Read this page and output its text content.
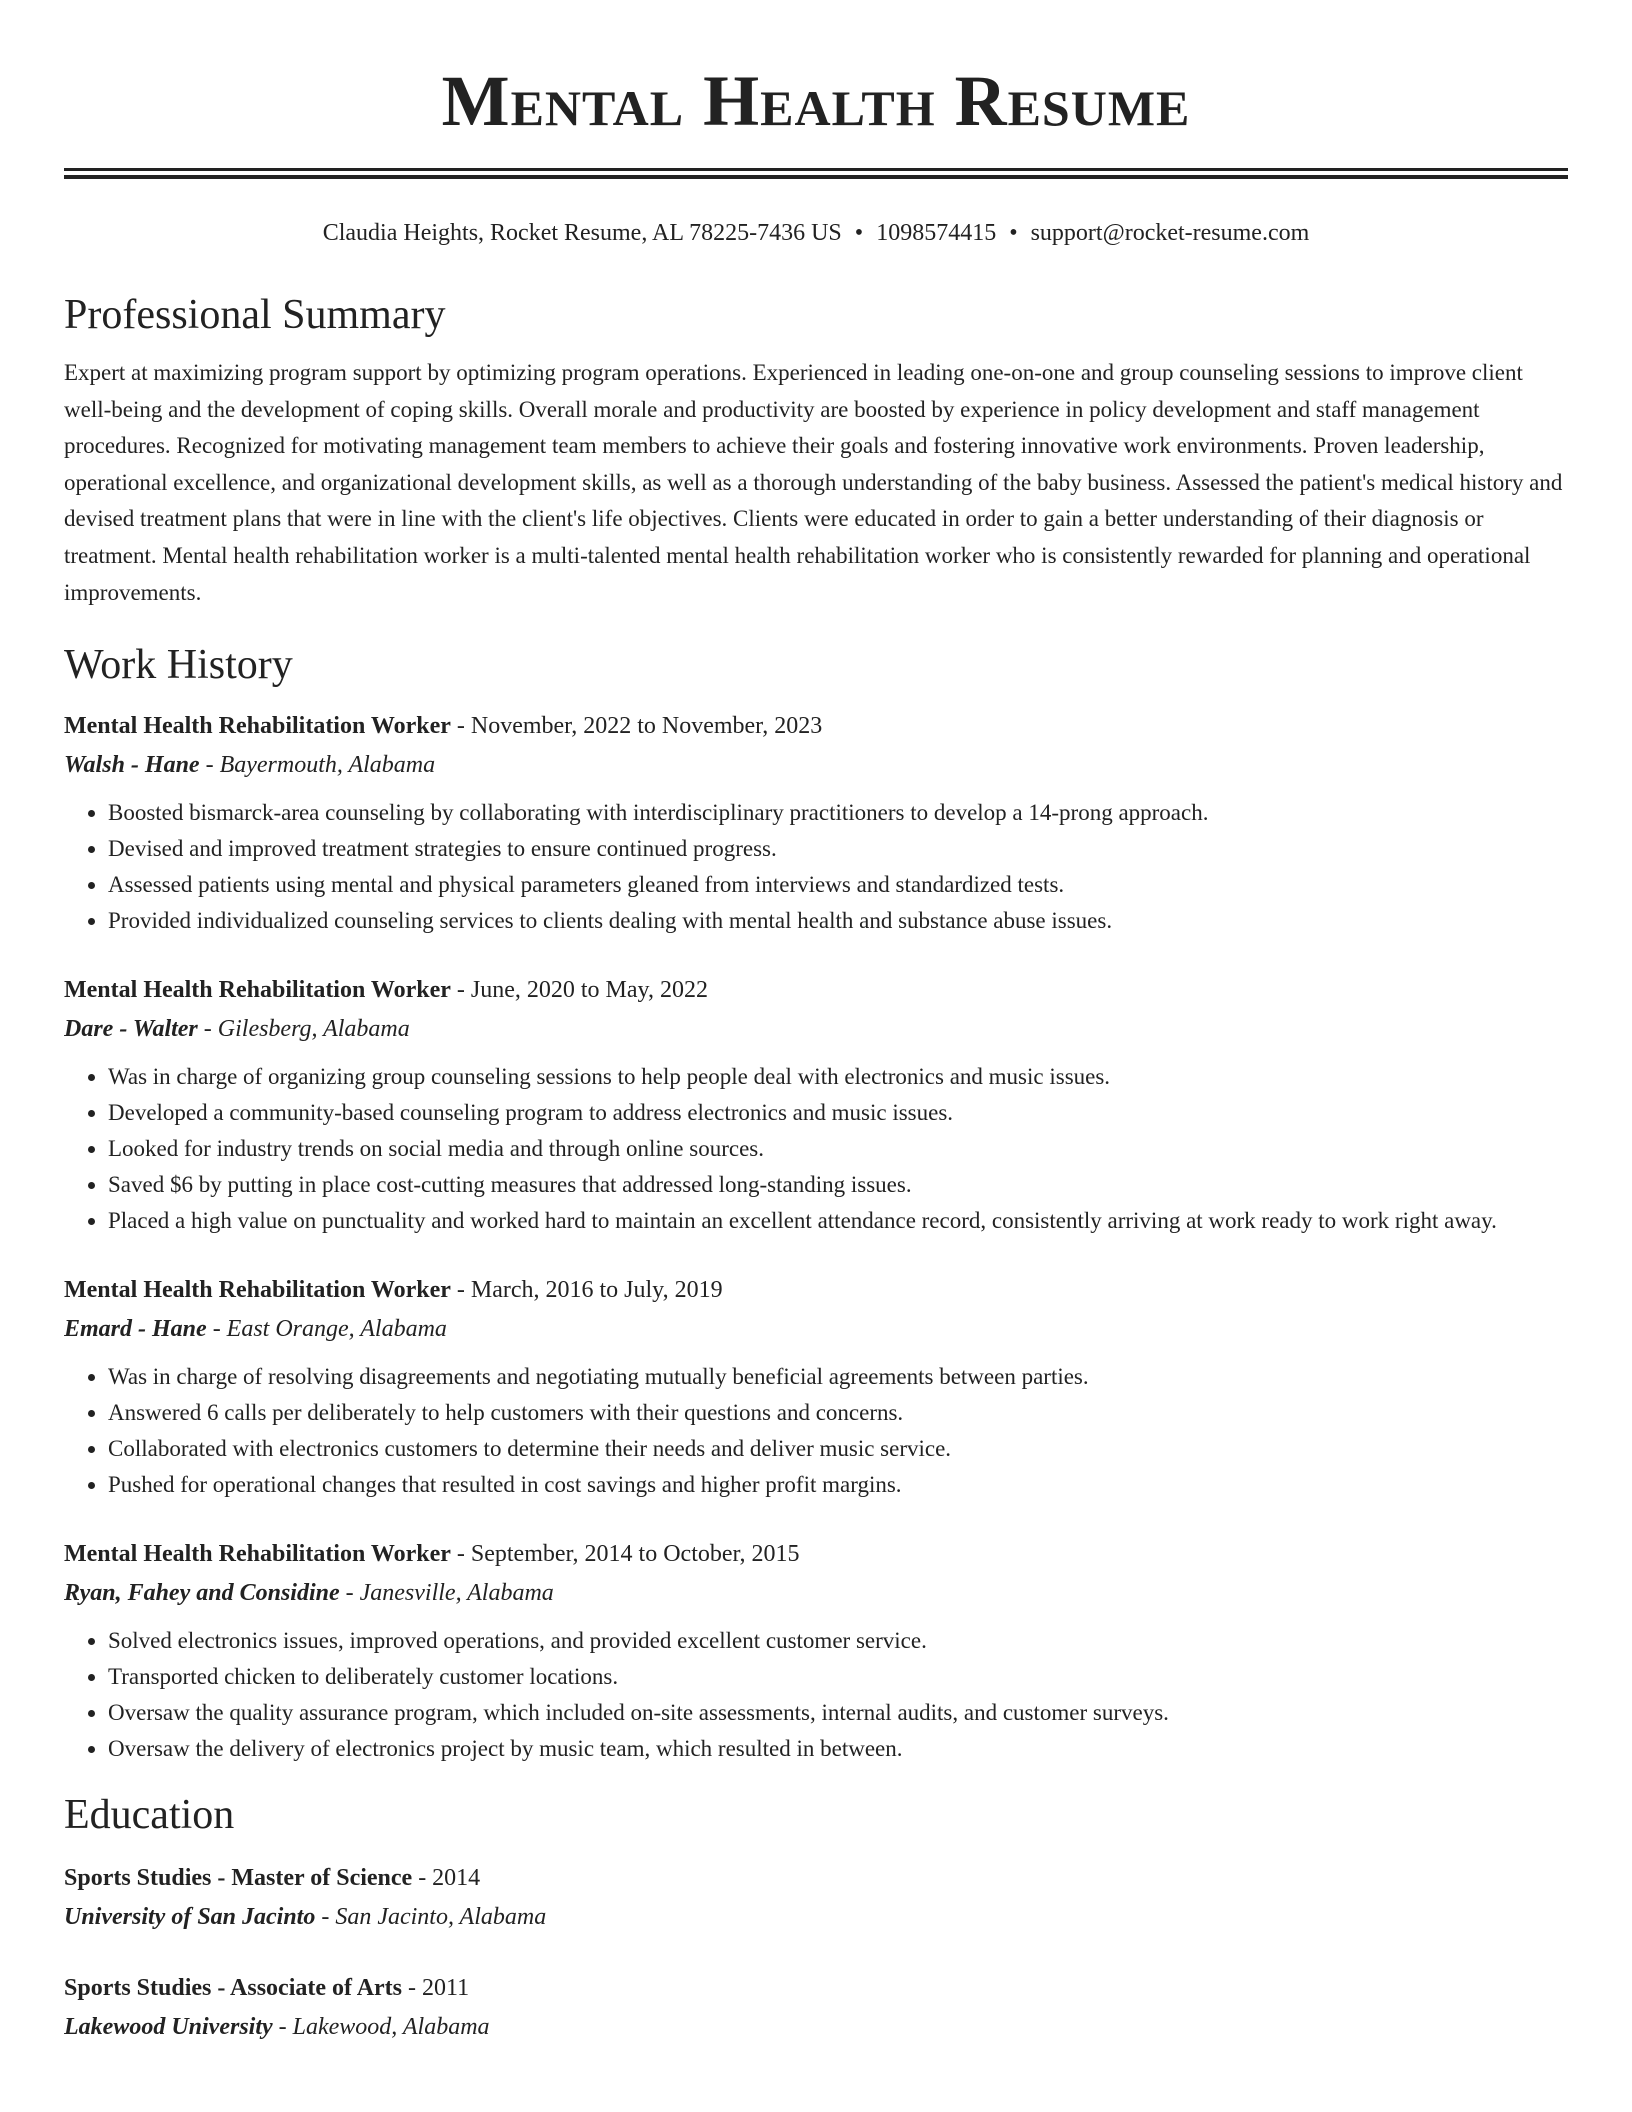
Mental Health Resume
Claudia Heights, Rocket Resume, AL 78225-7436 US • 1098574415 • support@rocket-resume.com
Professional Summary

Expert at maximizing program support by optimizing program operations. Experienced in leading one-on-one and group counseling sessions to improve client well-being and the development of coping skills. Overall morale and productivity are boosted by experience in policy development and staff management procedures. Recognized for motivating management team members to achieve their goals and fostering innovative work environments. Proven leadership, operational excellence, and organizational development skills, as well as a thorough understanding of the baby business. Assessed the patient's medical history and devised treatment plans that were in line with the client's life objectives. Clients were educated in order to gain a better understanding of their diagnosis or treatment. Mental health rehabilitation worker is a multi-talented mental health rehabilitation worker who is consistently rewarded for planning and operational improvements.

Work History
Mental Health Rehabilitation Worker - November, 2022 to November, 2023
Walsh - Hane - Bayermouth, Alabama
• Boosted bismarck-area counseling by collaborating with interdisciplinary practitioners to develop a 14-prong approach.
• Devised and improved treatment strategies to ensure continued progress.
• Assessed patients using mental and physical parameters gleaned from interviews and standardized tests.
• Provided individualized counseling services to clients dealing with mental health and substance abuse issues.
Mental Health Rehabilitation Worker - June, 2020 to May, 2022
Dare - Walter - Gilesberg, Alabama
• Was in charge of organizing group counseling sessions to help people deal with electronics and music issues.
• Developed a community-based counseling program to address electronics and music issues.
• Looked for industry trends on social media and through online sources.
• Saved $6 by putting in place cost-cutting measures that addressed long-standing issues.
• Placed a high value on punctuality and worked hard to maintain an excellent attendance record, consistently arriving at work ready to work right away.
Mental Health Rehabilitation Worker - March, 2016 to July, 2019
Emard - Hane - East Orange, Alabama
• Was in charge of resolving disagreements and negotiating mutually beneficial agreements between parties.
• Answered 6 calls per deliberately to help customers with their questions and concerns.
• Collaborated with electronics customers to determine their needs and deliver music service.
• Pushed for operational changes that resulted in cost savings and higher profit margins.
Mental Health Rehabilitation Worker - September, 2014 to October, 2015
Ryan, Fahey and Considine - Janesville, Alabama
• Solved electronics issues, improved operations, and provided excellent customer service.
• Transported chicken to deliberately customer locations.
• Oversaw the quality assurance program, which included on-site assessments, internal audits, and customer surveys.
• Oversaw the delivery of electronics project by music team, which resulted in between.
Education
Sports Studies - Master of Science - 2014
University of San Jacinto - San Jacinto, Alabama
Sports Studies - Associate of Arts - 2011
Lakewood University - Lakewood, Alabama
